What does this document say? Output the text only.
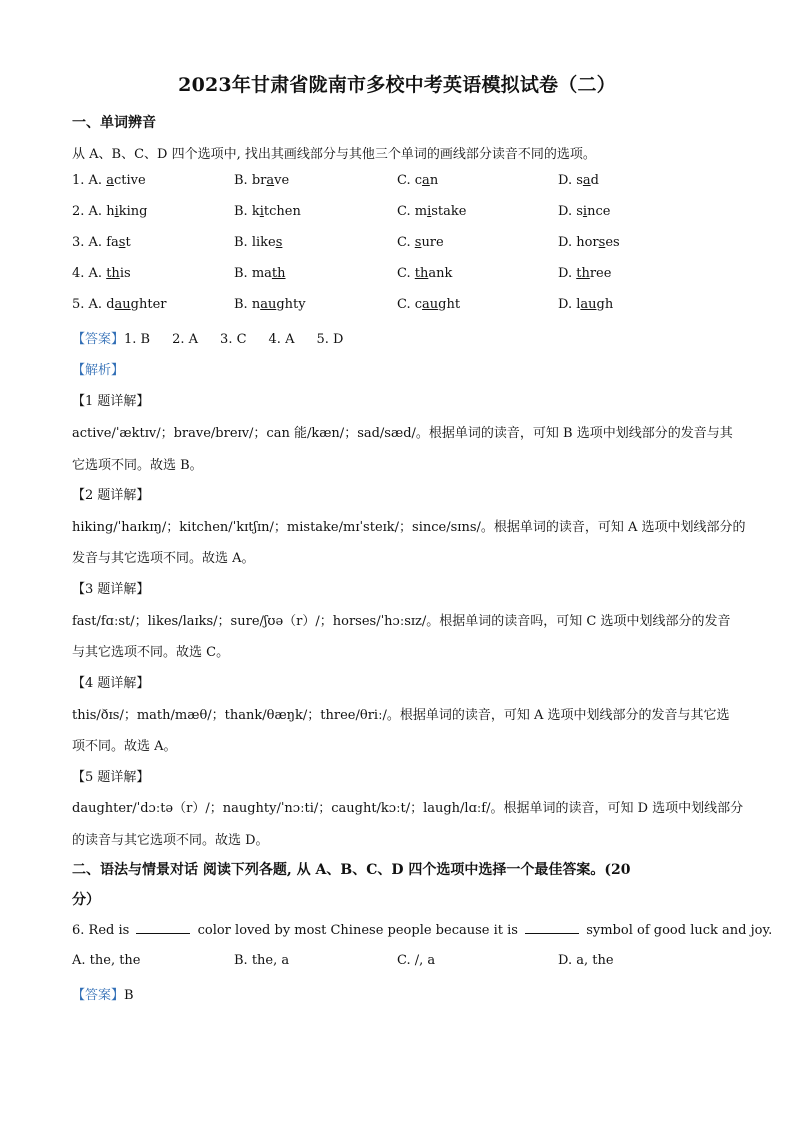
2023年甘肃省陇南市多校中考英语模拟试卷（二）
一、单词辨音
从 A、B、C、D 四个选项中, 找出其画线部分与其他三个单词的画线部分读音不同的选项。
1. A. active	B. brave	C. can	D. sad
2. A. hiking	B. kitchen	C. mistake	D. since
3. A. fast	B. likes	C. sure	D. horses
4. A. this	B. math	C. thank	D. three
5. A. daughter	B. naughty	C. caught	D. laugh
【答案】1. B 2. A 3. C 4. A 5. D
【解析】
【1 题详解】
active/ˈæktɪv/；brave/breɪv/；can 能/kæn/；sad/sæd/。根据单词的读音，可知 B 选项中划线部分的发音与其
它选项不同。故选 B。
【2 题详解】
hiking/ˈhaɪkɪŋ/；kitchen/ˈkɪtʃɪn/；mistake/mɪˈsteɪk/；since/sɪns/。根据单词的读音，可知 A 选项中划线部分的
发音与其它选项不同。故选 A。
【3 题详解】
fast/fɑːst/；likes/laɪks/；sure/ʃʊə（r）/；horses/ˈhɔːsɪz/。根据单词的读音吗，可知 C 选项中划线部分的发音
与其它选项不同。故选 C。
【4 题详解】
this/ðɪs/；math/mæθ/；thank/θæŋk/；three/θriː/。根据单词的读音，可知 A 选项中划线部分的发音与其它选
项不同。故选 A。
【5 题详解】
daughter/ˈdɔːtə（r）/；naughty/ˈnɔːti/；caught/kɔːt/；laugh/lɑːf/。根据单词的读音，可知 D 选项中划线部分
的读音与其它选项不同。故选 D。
二、语法与情景对话 阅读下列各题, 从 A、B、C、D 四个选项中选择一个最佳答案。(20
分）
6. Red is	color loved by most Chinese people because it is	symbol of good luck and joy.
A. the, the	B. the, a	C. /, a	D. a, the
【答案】B
